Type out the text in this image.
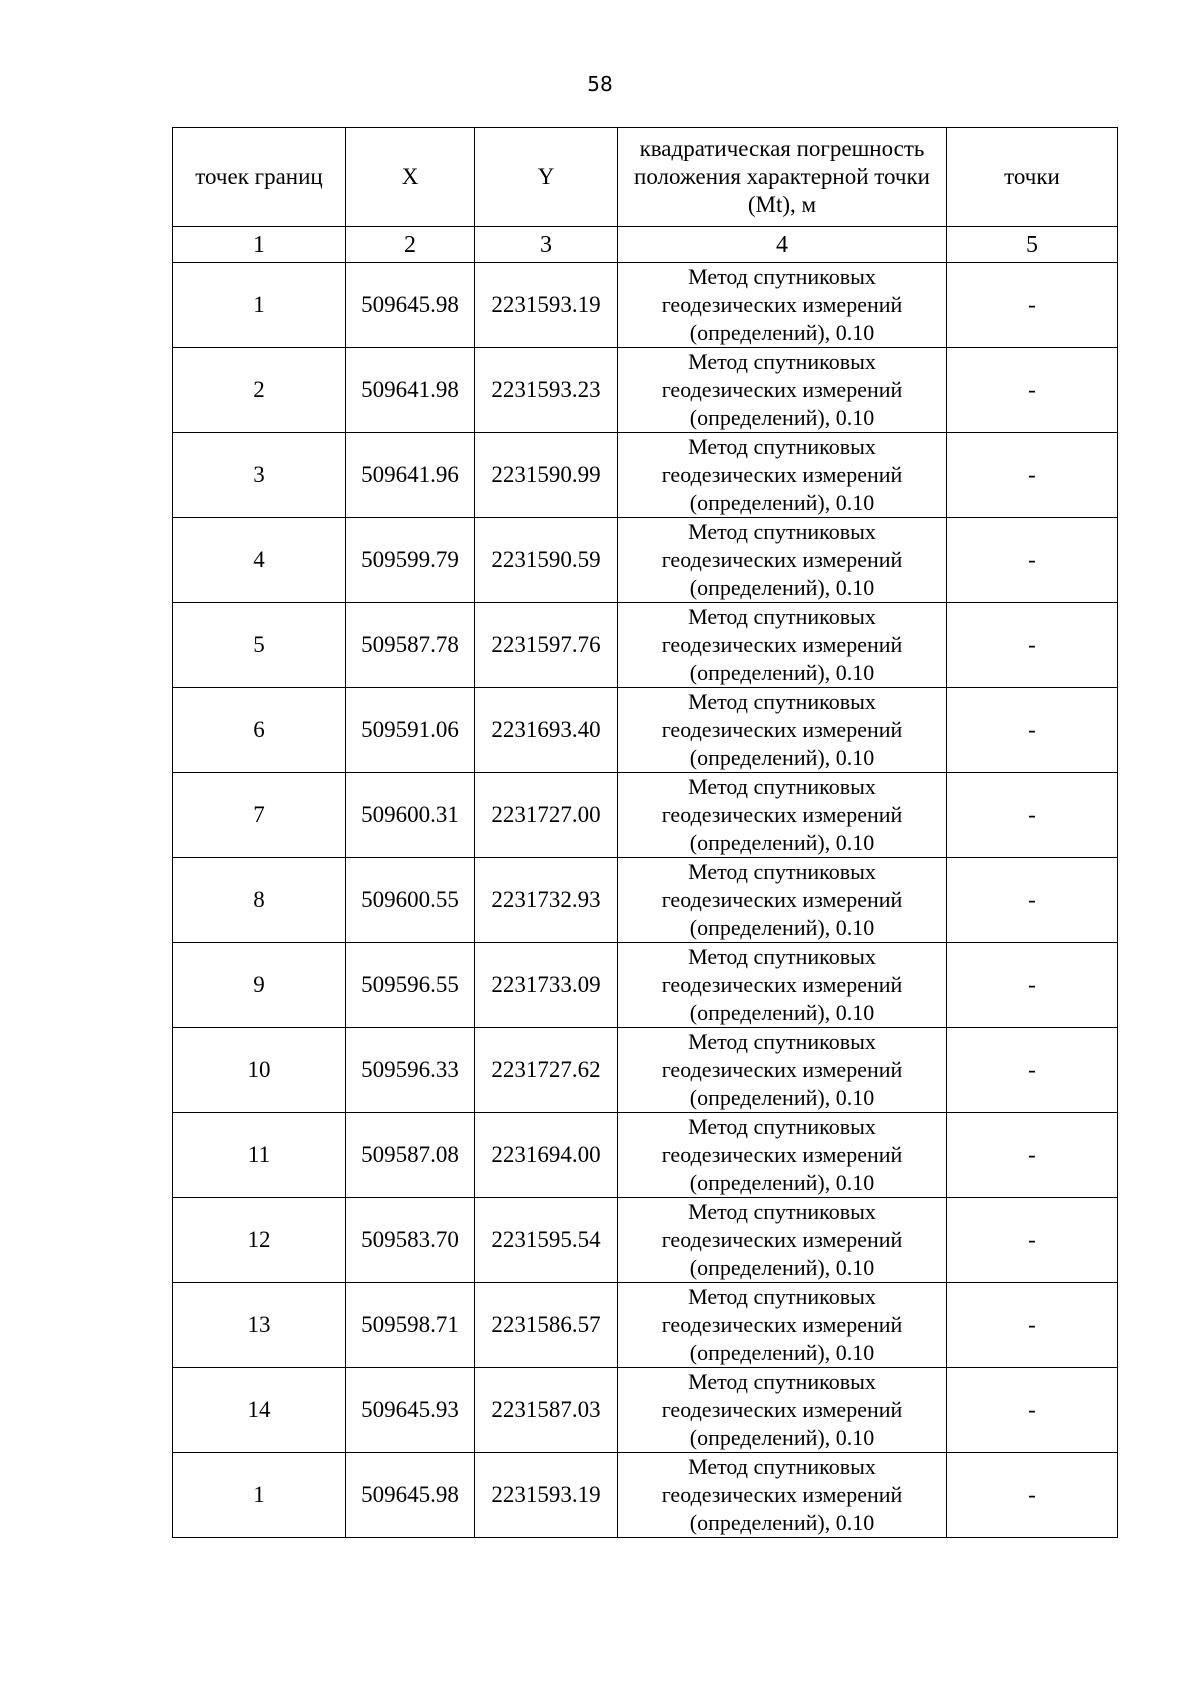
58
точек границ	X	Y	квадратическая погрешность положения характерной точки (Mt), м	точки
1	2	3	4	5
1	509645.98	2231593.19	Метод спутниковых
геодезических измерений
(определений), 0.10	-
2	509641.98	2231593.23	Метод спутниковых
геодезических измерений
(определений), 0.10	-
3	509641.96	2231590.99	Метод спутниковых
геодезических измерений
(определений), 0.10	-
4	509599.79	2231590.59	Метод спутниковых
геодезических измерений
(определений), 0.10	-
5	509587.78	2231597.76	Метод спутниковых
геодезических измерений
(определений), 0.10	-
6	509591.06	2231693.40	Метод спутниковых
геодезических измерений
(определений), 0.10	-
7	509600.31	2231727.00	Метод спутниковых
геодезических измерений
(определений), 0.10	-
8	509600.55	2231732.93	Метод спутниковых
геодезических измерений
(определений), 0.10	-
9	509596.55	2231733.09	Метод спутниковых
геодезических измерений
(определений), 0.10	-
10	509596.33	2231727.62	Метод спутниковых
геодезических измерений
(определений), 0.10	-
11	509587.08	2231694.00	Метод спутниковых
геодезических измерений
(определений), 0.10	-
12	509583.70	2231595.54	Метод спутниковых
геодезических измерений
(определений), 0.10	-
13	509598.71	2231586.57	Метод спутниковых
геодезических измерений
(определений), 0.10	-
14	509645.93	2231587.03	Метод спутниковых
геодезических измерений
(определений), 0.10	-
1	509645.98	2231593.19	Метод спутниковых
геодезических измерений
(определений), 0.10	-
